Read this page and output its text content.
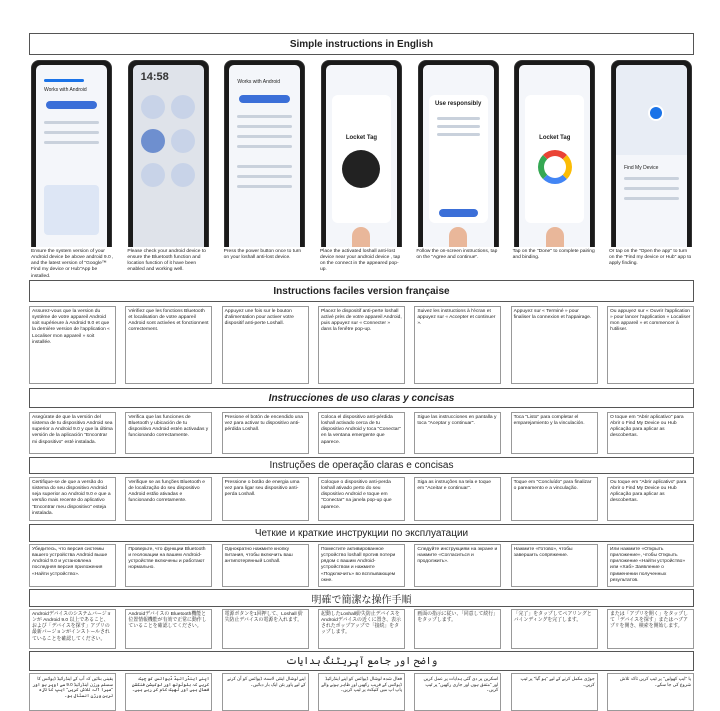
Simple instructions in English
Works with Android
14:58	Works with Android
Locket Tag
Use responsibly
Locket Tag
Find My Device
Ensure the system version of your Android device be above android 9.0 , and the latest version of "Google™ Find my device or Hub"App be installed.
Please check your android device to ensure the Bluetooth function and location function of it have been enabled and working well.
Press the power button once to turn on your loshall anti-lost device.
Place the activated loshall anti-lost device near your android device , tap on the connect in the appeared pop-up.
Follow the on-screen instructions, tap on the "Agree and continue".
Tap on the "Done" to complete pairing and binding.
Or tap on the "Open the app" to turn on the "Find my device or Hub" app to apply finding.
Instructions faciles version française
Assurez-vous que la version du système de votre appareil Android soit supérieure à Android 9.0 et que la dernière version de l'application « Localiser mon appareil » soit installée.
Vérifiez que les fonctions Bluetooth et localisation de votre appareil Android sont activées et fonctionnent correctement.
Appuyez une fois sur le bouton d'alimentation pour activer votre dispositif anti-perte Loshall.
Placez le dispositif anti-perte loshall activé près de votre appareil Android, puis appuyez sur « Connecter » dans la fenêtre pop-up.
Suivez les instructions à l'écran et appuyez sur « Accepter et continuer ».
Appuyez sur « Terminé » pour finaliser la connexion et l'appairage.
Ou appuyez sur « Ouvrir l'application » pour lancer l'application « Localiser mon appareil » et commencer à l'utiliser.
Instrucciones de uso claras y concisas
Asegúrate de que la versión del sistema de tu dispositivo Android sea superior a Android 9.0 y que la última versión de la aplicación "Encontrar mi dispositivo" esté instalada.
Verifica que las funciones de Bluetooth y ubicación de tu dispositivo Android estén activadas y funcionando correctamente.
Presione el botón de encendido una vez para activar tu dispositivo anti-pérdida Loshall.
Coloca el dispositivo anti-pérdida loshall activado cerca de tu dispositivo Android y toca "Conectar" en la ventana emergente que aparece.
Sigue las instrucciones en pantalla y toca "Aceptar y continuar".
Toca "Listo" para completar el emparejamiento y la vinculación.
O toque em "Abrir aplicativo" para Abrir o Find My Device ou Hub Aplicação para aplicar as descobertas.
Instruções de operação claras e concisas
Certifique-se de que a versão do sistema do seu dispositivo Android seja superior ao Android 9.0 e que a versão mais recente do aplicativo "Encontrar meu dispositivo" esteja instalada.
Verifique se as funções Bluetooth e de localização do seu dispositivo Android estão ativadas e funcionando corretamente.
Pressione o botão de energia uma vez para ligar seu dispositivo anti-perda Loshall.
Coloque o dispositivo anti-perda loshall ativado perto do seu dispositivo Android e toque em "Conectar" na janela pop-up que aparece.
Siga as instruções na tela e toque em "Aceitar e continuar".
Toque em "Concluído" para finalizar o pareamento e a vinculação.
Ou toque em "Abrir aplicativo" para Abrir o Find My Device ou Hub Aplicação para aplicar as descobertas.
Четкие и краткие инструкции по эксплуатации
Убедитесь, что версия системы вашего устройства Android выше Android 9.0 и установлена последняя версия приложения «Найти устройство».
Проверьте, что функции Bluetooth и геолокации на вашем Android-устройстве включены и работают нормально.
Однократно нажмите кнопку питания, чтобы включить ваш антипотерянный Loshall.
Поместите активированное устройство loshall против потери рядом с вашим Android-устройством и нажмите «Подключить» во всплывающем окне.
Следуйте инструкциям на экране и нажмите «Согласиться и продолжить».
Нажмите «Готово», чтобы завершить сопряжение.
Или нажмите «Открыть приложение», чтобы Открыть приложение «Найти устройство» или «Хаб» Заявление о применении полученных результатов.
明確で簡潔な操作手順
Androidデバイスのシステムバージョンが Android 9.0 以上であること、および「デバイスを探す」アプリの最新バージョンがインストールされていることを確認してください。
Androidデバイスの Bluetooth機能と位置情報機能が有効で正常に動作していることを確認してください。
電源ボタンを1回押して、Loshall 紛失防止デバイスの電源を入れます。
起動したLoshall紛失防止デバイスをAndroidデバイスの近くに置き、表示されたポップアップで「接続」をタップします。
画面の指示に従い、「同意して続行」をタップします。
「完了」をタップしてペアリングとバインディングを完了します。
または「アプリを開く」をタップして「デバイスを探す」またはハブアプリを開き、検索を開始します。
واضح اور جامع آپریٹنگ ہدایات
یقینی بنائیں کہ آپ کے اینڈرائیڈ ڈیوائس کا سسٹم ورژن اینڈرائیڈ 9.0 سے اوپر ہو اور "میرا آلہ تلاش کریں" ایپ کا تازہ ترین ورژن انسٹال ہو۔
اپنے اینڈرائیڈ ڈیوائس کو چیک کریں کہ بلوٹوتھ اور لوکیشن فنکشن فعال ہیں اور ٹھیک کام کر رہے ہیں۔
اپنے لوشال اینٹی لاسٹ ڈیوائس کو آن کرنے کے لیے پاور بٹن ایک بار دبائیں۔
فعال شدہ لوشال ڈیوائس کو اپنے اینڈرائیڈ ڈیوائس کے قریب رکھیں اور ظاہر ہونے والے پاپ اپ میں کنیکٹ پر ٹیپ کریں۔
اسکرین پر دی گئی ہدایات پر عمل کریں اور "متفق ہوں اور جاری رکھیں" پر ٹیپ کریں۔
جوڑی مکمل کرنے کے لیے "ہو گیا" پر ٹیپ کریں۔
یا "ایپ کھولیں" پر ٹیپ کریں تاکہ تلاش شروع کی جا سکے۔
